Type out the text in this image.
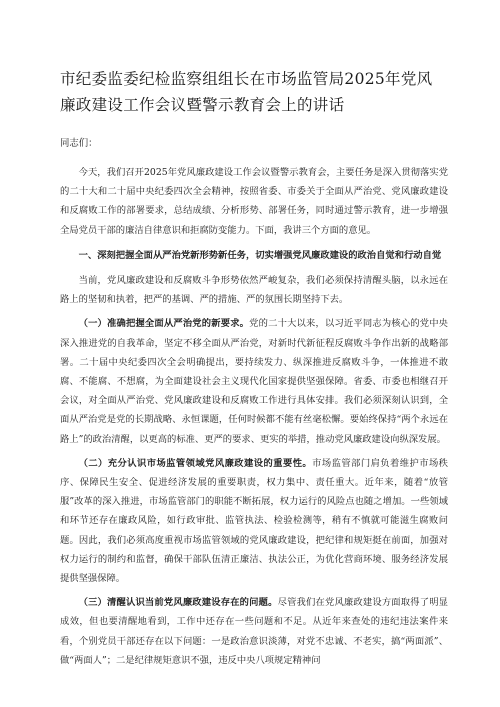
市纪委监委纪检监察组组长在市场监管局2025年党风廉政建设工作会议暨警示教育会上的讲话
同志们：

今天，我们召开2025年党风廉政建设工作会议暨警示教育会，主要任务是深入贯彻落实党的二十大和二十届中央纪委四次全会精神，按照省委、市委关于全面从严治党、党风廉政建设和反腐败工作的部署要求，总结成绩、分析形势、部署任务，同时通过警示教育，进一步增强全局党员干部的廉洁自律意识和拒腐防变能力。下面，我讲三个方面的意见。

一、深刻把握全面从严治党新形势新任务，切实增强党风廉政建设的政治自觉和行动自觉

当前，党风廉政建设和反腐败斗争形势依然严峻复杂，我们必须保持清醒头脑，以永远在路上的坚韧和执着，把严的基调、严的措施、严的氛围长期坚持下去。

（一）准确把握全面从严治党的新要求。党的二十大以来，以习近平同志为核心的党中央深入推进党的自我革命，坚定不移全面从严治党，对新时代新征程反腐败斗争作出新的战略部署。二十届中央纪委四次全会明确提出，要持续发力、纵深推进反腐败斗争，一体推进不敢腐、不能腐、不想腐，为全面建设社会主义现代化国家提供坚强保障。省委、市委也相继召开会议，对全面从严治党、党风廉政建设和反腐败工作进行具体安排。我们必须深刻认识到，全面从严治党是党的长期战略、永恒课题，任何时候都不能有丝毫松懈。要始终保持“两个永远在路上”的政治清醒，以更高的标准、更严的要求、更实的举措，推动党风廉政建设向纵深发展。

（二）充分认识市场监管领域党风廉政建设的重要性。市场监管部门肩负着维护市场秩序、保障民生安全、促进经济发展的重要职责，权力集中、责任重大。近年来，随着“放管服”改革的深入推进，市场监管部门的职能不断拓展，权力运行的风险点也随之增加。一些领域和环节还存在廉政风险，如行政审批、监管执法、检验检测等，稍有不慎就可能滋生腐败问题。因此，我们必须高度重视市场监管领域的党风廉政建设，把纪律和规矩挺在前面，加强对权力运行的制约和监督，确保干部队伍清正廉洁、执法公正，为优化营商环境、服务经济发展提供坚强保障。

（三）清醒认识当前党风廉政建设存在的问题。尽管我们在党风廉政建设方面取得了明显成效，但也要清醒地看到，工作中还存在一些问题和不足。从近年来查处的违纪违法案件来看，个别党员干部还存在以下问题：一是政治意识淡薄，对党不忠诚、不老实，搞“两面派”、做“两面人”；二是纪律规矩意识不强，违反中央八项规定精神问
